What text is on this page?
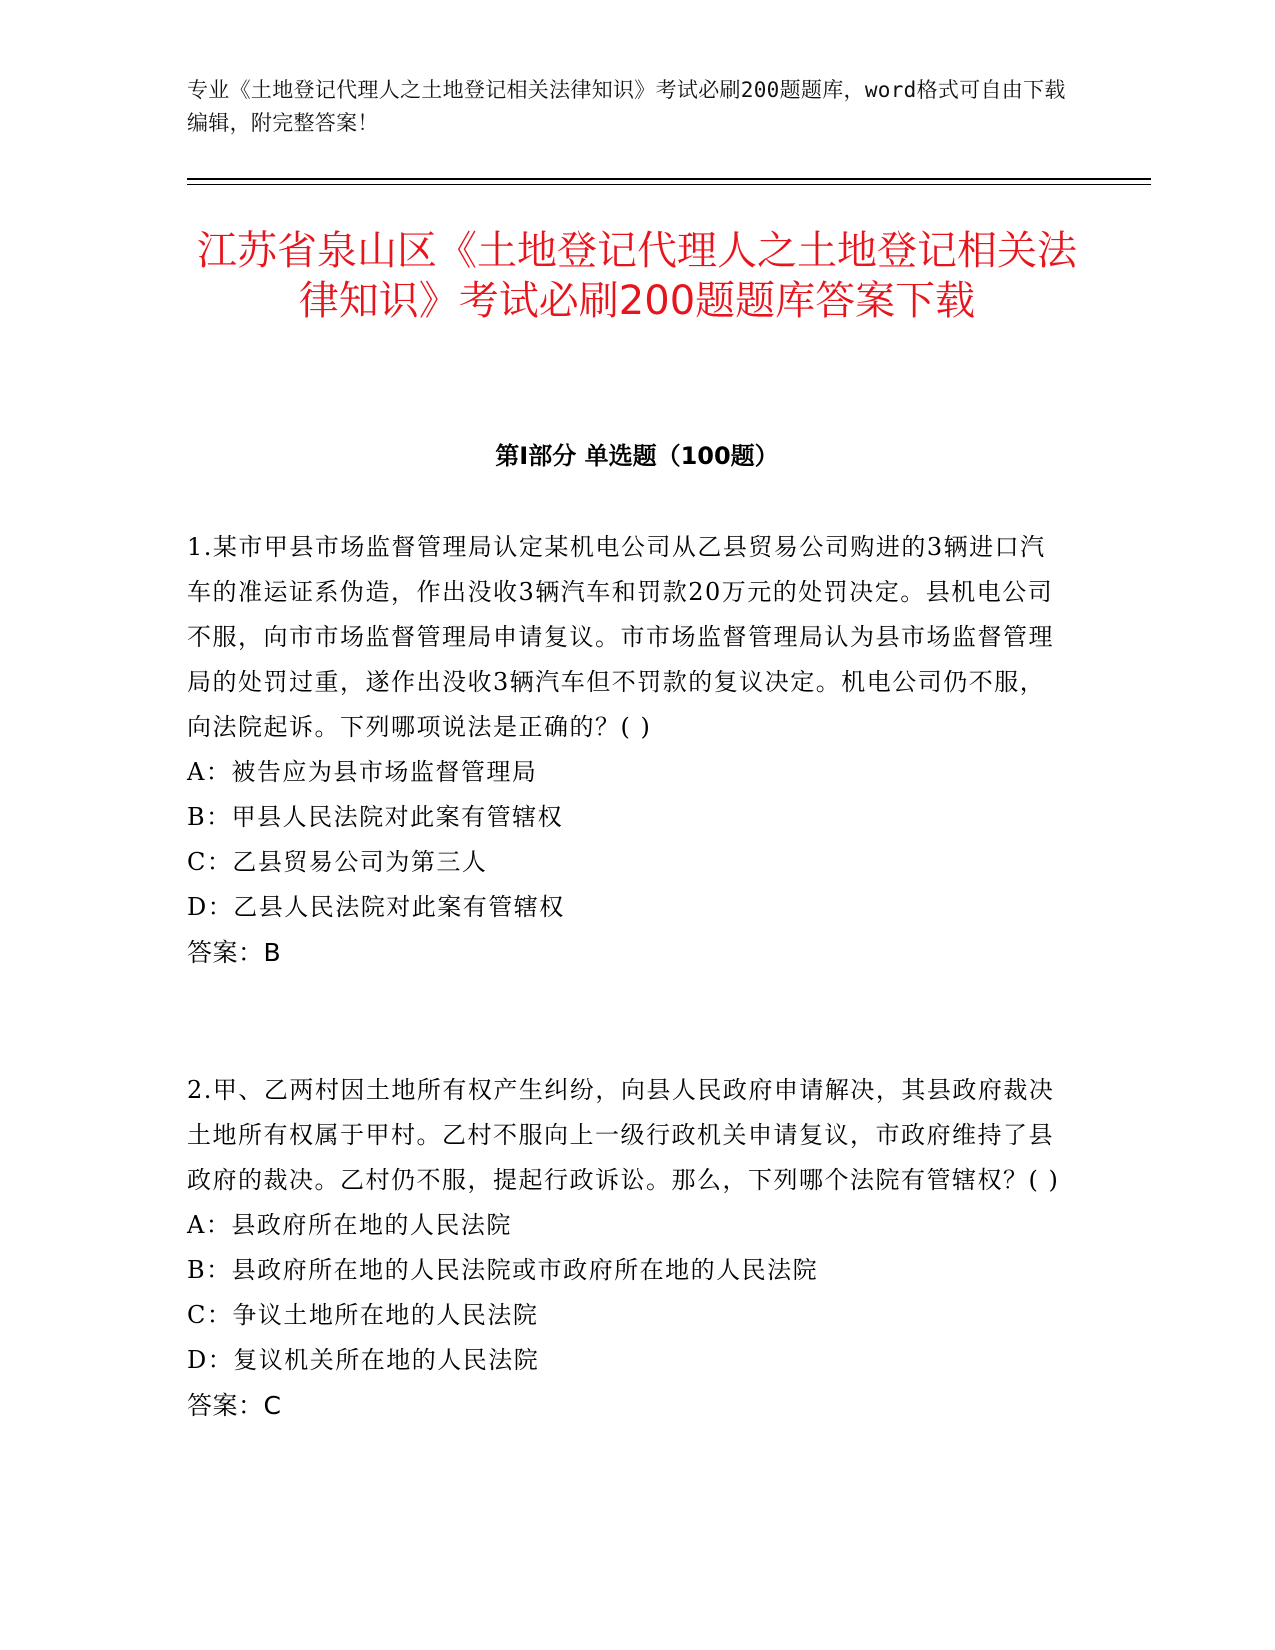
专业《土地登记代理人之土地登记相关法律知识》考试必刷200题题库，word格式可自由下载编辑，附完整答案！
江苏省泉山区《土地登记代理人之土地登记相关法律知识》考试必刷200题题库答案下载
第Ⅰ部分 单选题（100题）

1.某市甲县市场监督管理局认定某机电公司从乙县贸易公司购进的3辆进口汽车的准运证系伪造，作出没收3辆汽车和罚款20万元的处罚决定。县机电公司不服，向市市场监督管理局申请复议。市市场监督管理局认为县市场监督管理局的处罚过重，遂作出没收3辆汽车但不罚款的复议决定。机电公司仍不服，向法院起诉。下列哪项说法是正确的？( )

A：被告应为县市场监督管理局

B：甲县人民法院对此案有管辖权

C：乙县贸易公司为第三人

D：乙县人民法院对此案有管辖权

答案：B

2.甲、乙两村因土地所有权产生纠纷，向县人民政府申请解决，其县政府裁决土地所有权属于甲村。乙村不服向上一级行政机关申请复议，市政府维持了县政府的裁决。乙村仍不服，提起行政诉讼。那么，下列哪个法院有管辖权？( )

A：县政府所在地的人民法院

B：县政府所在地的人民法院或市政府所在地的人民法院

C：争议土地所在地的人民法院

D：复议机关所在地的人民法院

答案：C
